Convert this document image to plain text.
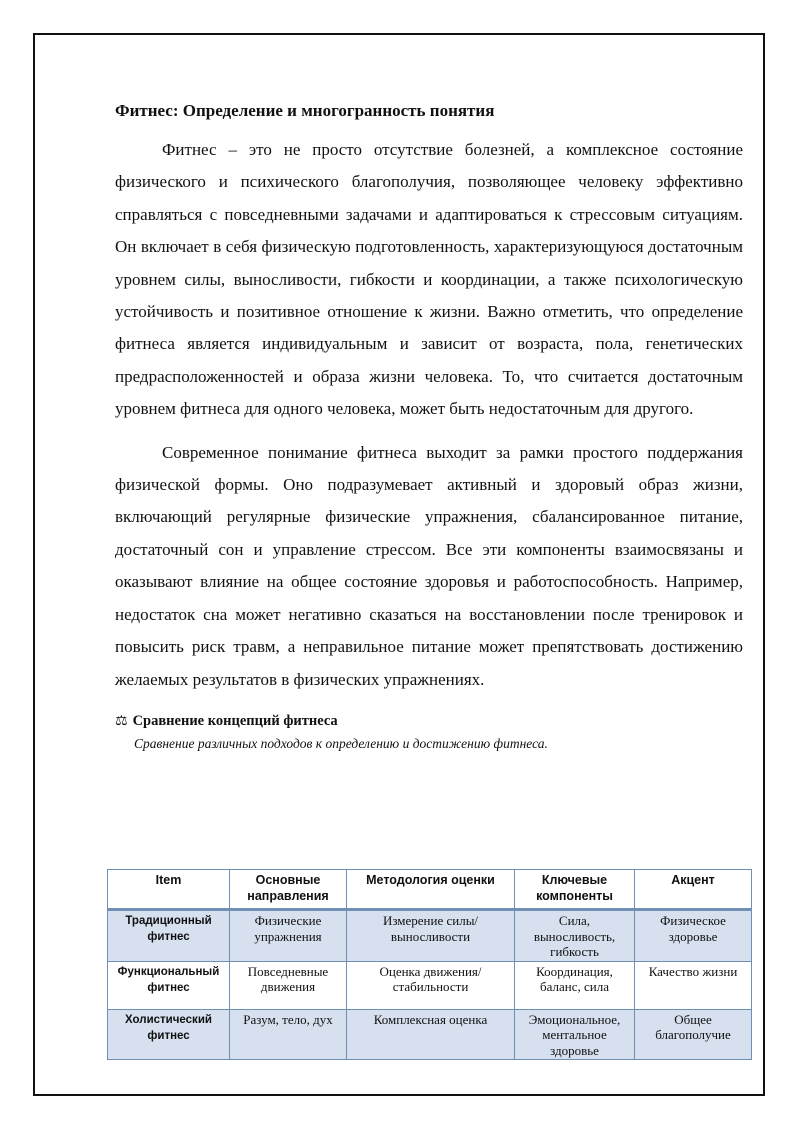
Фитнес: Определение и многогранность понятия

Фитнес – это не просто отсутствие болезней, а комплексное состояние физического и психического благополучия, позволяющее человеку эффективно справляться с повседневными задачами и адаптироваться к стрессовым ситуациям. Он включает в себя физическую подготовленность, характеризующуюся достаточным уровнем силы, выносливости, гибкости и координации, а также психологическую устойчивость и позитивное отношение к жизни. Важно отметить, что определение фитнеса является индивидуальным и зависит от возраста, пола, генетических предрасположенностей и образа жизни человека. То, что считается достаточным уровнем фитнеса для одного человека, может быть недостаточным для другого.

Современное понимание фитнеса выходит за рамки простого поддержания физической формы. Оно подразумевает активный и здоровый образ жизни, включающий регулярные физические упражнения, сбалансированное питание, достаточный сон и управление стрессом. Все эти компоненты взаимосвязаны и оказывают влияние на общее состояние здоровья и работоспособность. Например, недостаток сна может негативно сказаться на восстановлении после тренировок и повысить риск травм, а неправильное питание может препятствовать достижению желаемых результатов в физических упражнениях.

⚖ Сравнение концепций фитнеса
Сравнение различных подходов к определению и достижению фитнеса.
Item	Основные направления	Методология оценки	Ключевые компоненты	Акцент
Традиционный фитнес	Физические упражнения	Измерение силы/выносливости	Сила, выносливость, гибкость	Физическое здоровье
Функциональный фитнес	Повседневные движения	Оценка движения/стабильности	Координация, баланс, сила	Качество жизни
Холистический фитнес	Разум, тело, дух	Комплексная оценка	Эмоциональное, ментальное здоровье	Общее благополучие
